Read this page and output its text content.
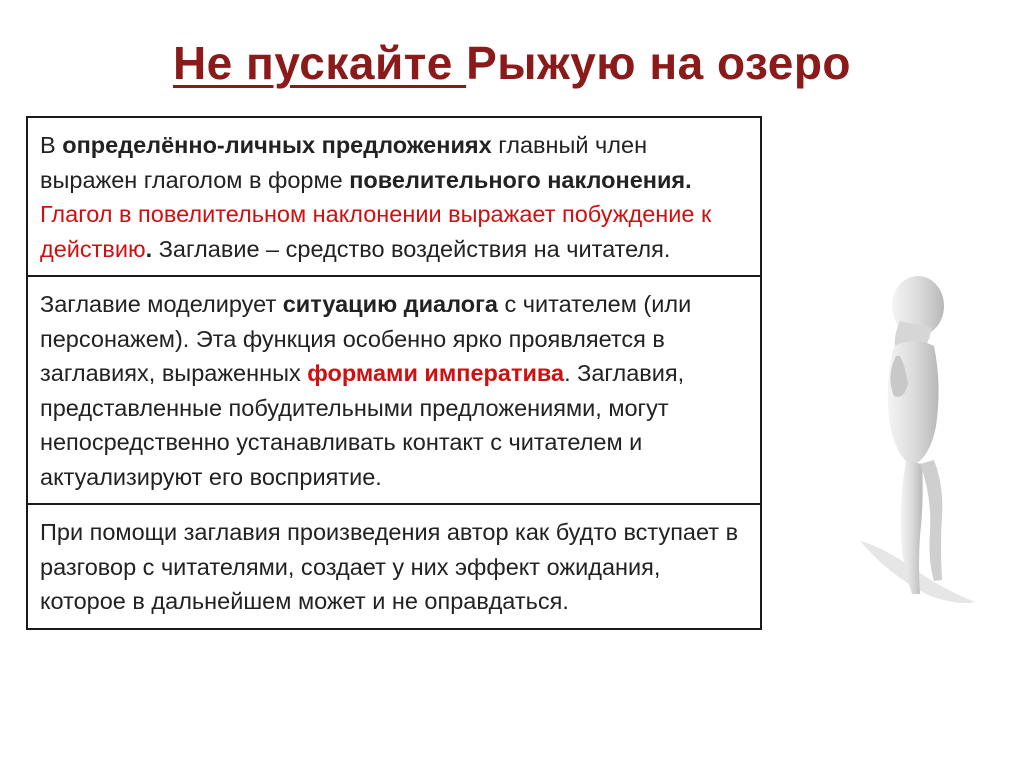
Не пускайте Рыжую на озеро
В определённо-личных предложениях главный член выражен глаголом в форме повелительного наклонения. Глагол в повелительном наклонении выражает побуждение к действию. Заглавие – средство воздействия на читателя.
Заглавие моделирует ситуацию диалога с читателем (или персонажем). Эта функция особенно ярко проявляется в заглавиях, выраженных формами императива. Заглавия, представленные побудительными предложениями, могут непосредственно устанавливать контакт с читателем и актуализируют его восприятие.
При помощи заглавия произведения автор как будто вступает в разговор с читателями, создает у них эффект ожидания, которое в дальнейшем может и не оправдаться.
